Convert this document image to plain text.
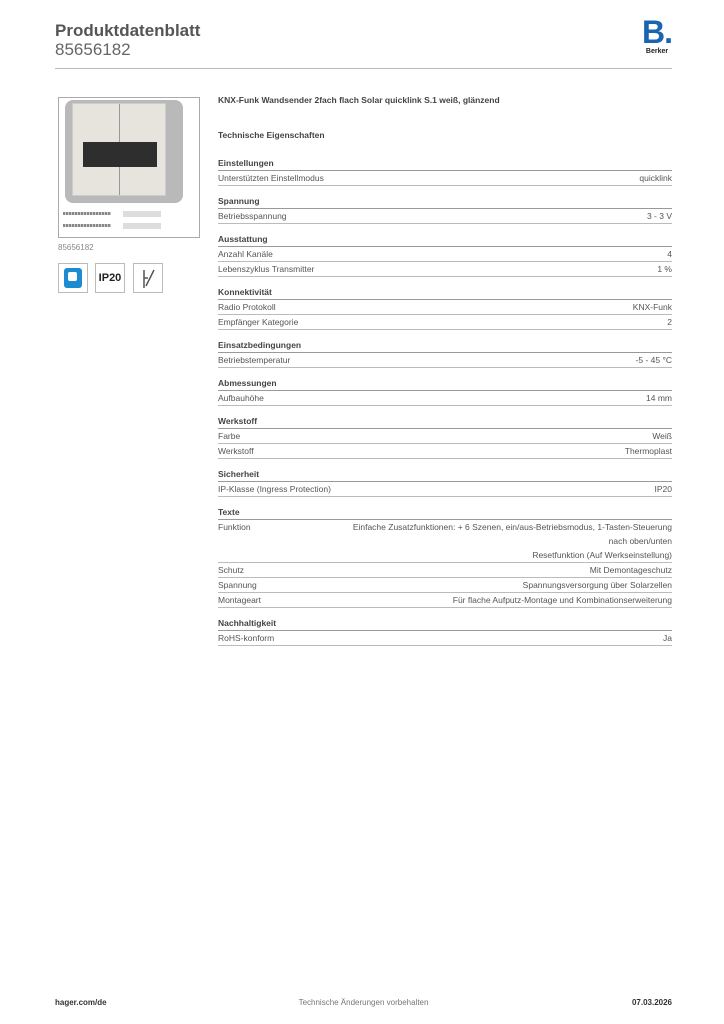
Produktdatenblatt
85656182	B.
Berker
85656182
IP20
KNX-Funk Wandsender 2fach flach Solar quicklink S.1 weiß, glänzend
Technische Eigenschaften
Einstellungen
Unterstützten Einstellmodus	quicklink
Spannung
Betriebsspannung	3 - 3 V
Ausstattung
Anzahl Kanäle	4
Lebenszyklus Transmitter	1 %
Konnektivität
Radio Protokoll	KNX-Funk
Empfänger Kategorie	2
Einsatzbedingungen
Betriebstemperatur	-5 - 45 °C
Abmessungen
Aufbauhöhe	14 mm
Werkstoff
Farbe	Weiß
Werkstoff	Thermoplast
Sicherheit
IP-Klasse (Ingress Protection)	IP20
Texte
Funktion	Einfache Zusatzfunktionen: + 6 Szenen, ein/aus-Betriebsmodus, 1-Tasten-Steuerung nach oben/unten
Resetfunktion (Auf Werkseinstellung)
Schutz	Mit Demontageschutz
Spannung	Spannungsversorgung über Solarzellen
Montageart	Für flache Aufputz-Montage und Kombinationserweiterung
Nachhaltigkeit
RoHS-konform	Ja
hager.com/de	Technische Änderungen vorbehalten	07.03.2026
